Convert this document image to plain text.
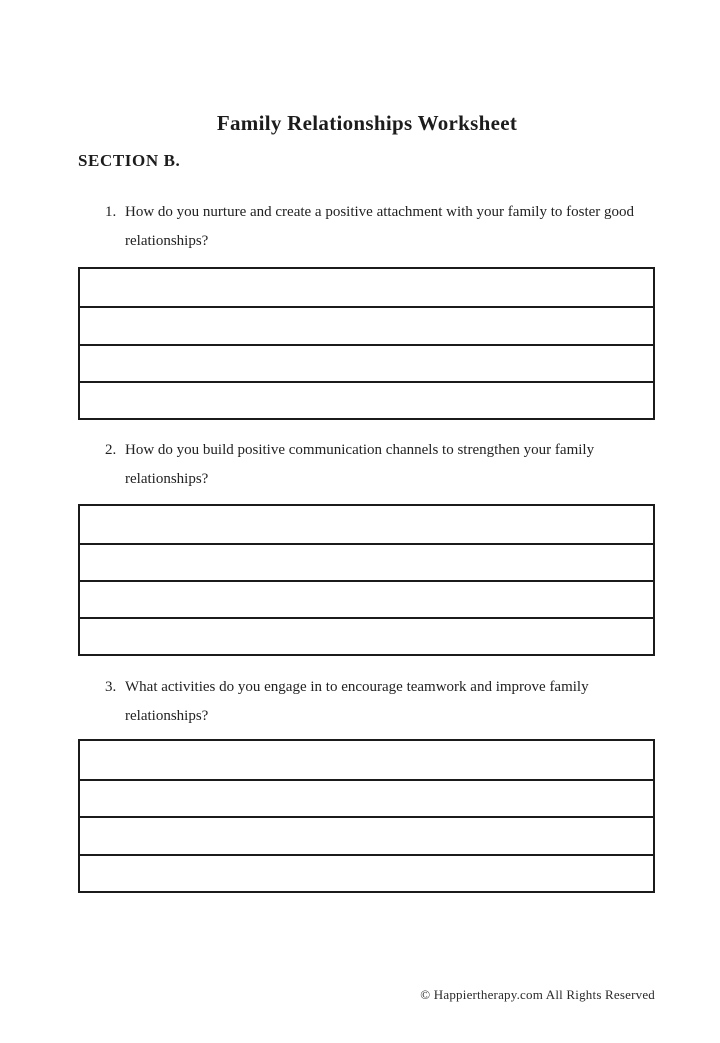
Family Relationships Worksheet
SECTION B.
1. How do you nurture and create a positive attachment with your family to foster good relationships?
2. How do you build positive communication channels to strengthen your family relationships?
3. What activities do you engage in to encourage teamwork and improve family relationships?
© Happiertherapy.com All Rights Reserved
